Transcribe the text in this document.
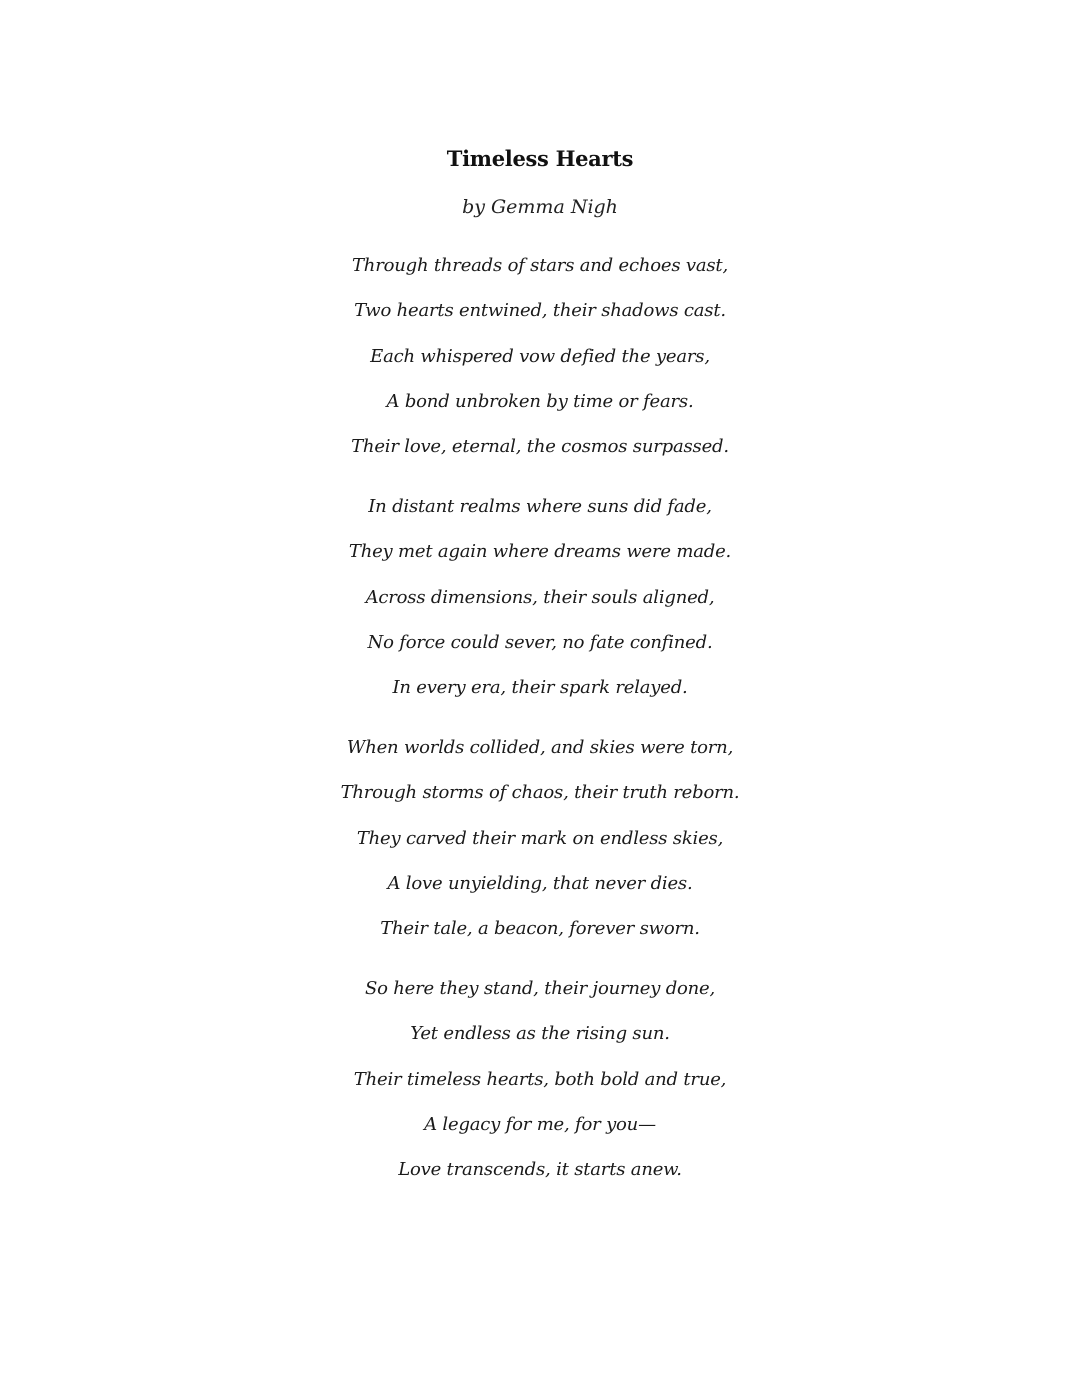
Timeless Hearts
by Gemma Nigh
Through threads of stars and echoes vast,
Two hearts entwined, their shadows cast.
Each whispered vow defied the years,
A bond unbroken by time or fears.
Their love, eternal, the cosmos surpassed.
In distant realms where suns did fade,
They met again where dreams were made.
Across dimensions, their souls aligned,
No force could sever, no fate confined.
In every era, their spark relayed.
When worlds collided, and skies were torn,
Through storms of chaos, their truth reborn.
They carved their mark on endless skies,
A love unyielding, that never dies.
Their tale, a beacon, forever sworn.
So here they stand, their journey done,
Yet endless as the rising sun.
Their timeless hearts, both bold and true,
A legacy for me, for you—
Love transcends, it starts anew.
